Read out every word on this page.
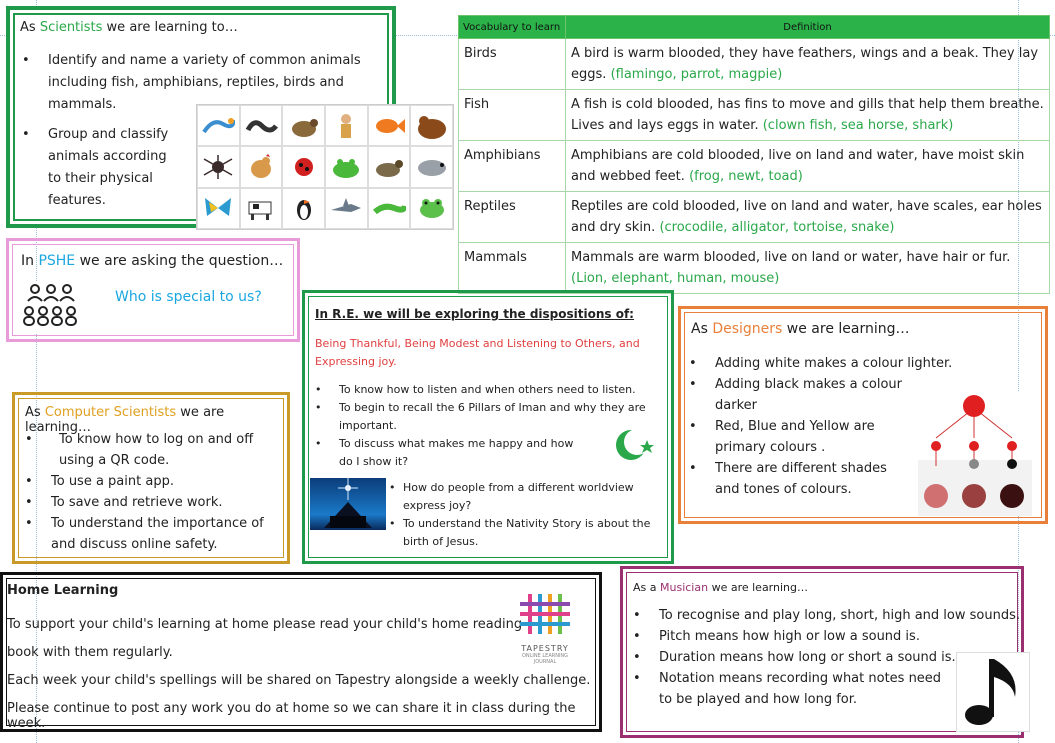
As Scientists we are learning to…
• Identify and name a variety of common animals including fish, amphibians, reptiles, birds and mammals.
• Group and classify animals according to their physical features.
Vocabulary to learn	Definition
Birds	A bird is warm blooded, they have feathers, wings and a beak. They lay eggs. (flamingo, parrot, magpie)
Fish	A fish is cold blooded, has fins to move and gills that help them breathe. Lives and lays eggs in water. (clown fish, sea horse, shark)
Amphibians	Amphibians are cold blooded, live on land and water, have moist skin and webbed feet. (frog, newt, toad)
Reptiles	Reptiles are cold blooded, live on land and water, have scales, ear holes and dry skin. (crocodile, alligator, tortoise, snake)
Mammals	Mammals are warm blooded, live on land or water, have hair or fur. (Lion, elephant, human, mouse)
In PSHE we are asking the question…
Who is special to us?
In R.E. we will be exploring the dispositions of:
Being Thankful, Being Modest and Listening to Others, and Expressing joy.
• To know how to listen and when others need to listen.
• To begin to recall the 6 Pillars of Iman and why they are important.
• To discuss what makes me happy and how do I show it?
• How do people from a different worldview express joy?
• To understand the Nativity Story is about the birth of Jesus.
As Designers we are learning…
• Adding white makes a colour lighter.
• Adding black makes a colour darker
• Red, Blue and Yellow are primary colours .
• There are different shades and tones of colours.
As Computer Scientists we are learning…
• To know how to log on and off using a QR code.
• To use a paint app.
• To save and retrieve work.
• To understand the importance of and discuss online safety.
Home Learning

To support your child's learning at home please read your child's home reading

book with them regularly.

Each week your child's spellings will be shared on Tapestry alongside a weekly challenge.

Please continue to post any work you do at home so we can share it in class during the week.

TAPESTRY
ONLINE LEARNING JOURNAL
As a Musician we are learning…
• To recognise and play long, short, high and low sounds.
• Pitch means how high or low a sound is.
• Duration means how long or short a sound is.
• Notation means recording what notes need to be played and how long for.
